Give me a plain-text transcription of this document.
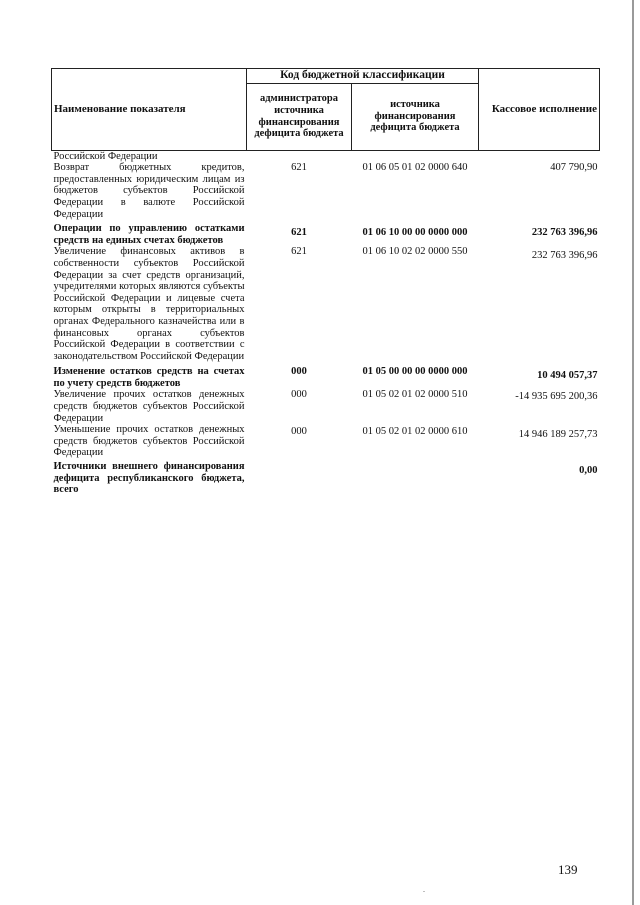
Наименование показателя	Код бюджетной классификации		Кассовое исполнение
	администратора источника финансирования дефицита бюджета	источника финансирования дефицита бюджета	
Российской Федерации			
Возврат бюджетных кредитов, предоставленных юридическим лицам из бюджетов субъектов Российской Федерации в валюте Российской Федерации	621	01 06 05 01 02 0000 640	407 790,90
Операции по управлению остатками средств на единых счетах бюджетов	621	01 06 10 00 00 0000 000	232 763 396,96
Увеличение финансовых активов в собственности субъектов Российской Федерации за счет средств организаций, учредителями которых являются субъекты Российской Федерации и лицевые счета которым открыты в территориальных органах Федерального казначейства или в финансовых органах субъектов Российской Федерации в соответствии с законодательством Российской Федерации	621	01 06 10 02 02 0000 550	232 763 396,96
Изменение остатков средств на счетах по учету средств бюджетов	000	01 05 00 00 00 0000 000	10 494 057,37
Увеличение прочих остатков денежных средств бюджетов субъектов Российской Федерации	000	01 05 02 01 02 0000 510	-14 935 695 200,36
Уменьшение прочих остатков денежных средств бюджетов субъектов Российской Федерации	000	01 05 02 01 02 0000 610	14 946 189 257,73
Источники внешнего финансирования дефицита республиканского бюджета, всего			0,00
139
.
